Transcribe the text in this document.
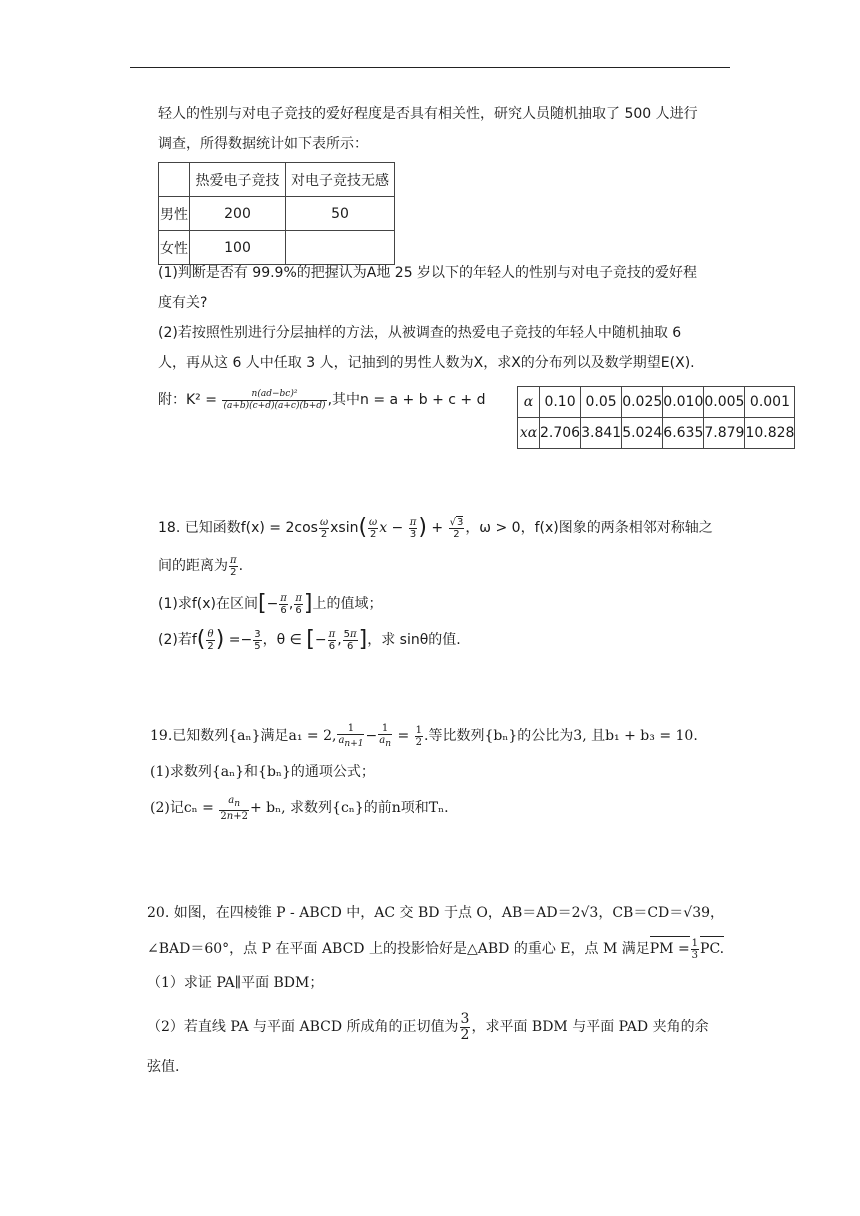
轻人的性别与对电子竞技的爱好程度是否具有相关性，研究人员随机抽取了 500 人进行
调查，所得数据统计如下表所示：
	热爱电子竞技	对电子竞技无感
男性	200	50
女性	100	
(1)判断是否有 99.9%的把握认为A地 25 岁以下的年轻人的性别与对电子竞技的爱好程
度有关?
(2)若按照性别进行分层抽样的方法，从被调查的热爱电子竞技的年轻人中随机抽取 6
人，再从这 6 人中任取 3 人，记抽到的男性人数为X，求X的分布列以及数学期望E(X).
附：$K^2 = \frac{\text{n(ad−bc)²}}{(a+b)(c+d)(a+c)(b+d)}$ ,其中n = a + b + c + d	α	0.10	0.05	0.025	0.010	0.005	0.001
xα	2.706	3.841	5.024	6.635	7.879	10.828
18. 已知函数$f(x) = 2\cos \frac{\omega}{2} xsin( \frac{\omega}{2}$ $x - \frac{\pi}{3}$ ) + $\frac{√3}{2}$ ，ω > 0，f(x)图象的两条相邻对称轴之
间的距离为 $\frac{\pi}{2}$ .
(1)求f(x)在区间[− $\frac{\pi}{6}$ , $\frac{\pi}{6}$ ]上的值域；
(2)若$f( \frac{\theta}{2}$ ) =− $\frac{3}{5}$ ，θ ∈ [− $\frac{\pi}{6}$ , $\frac{5\pi}{6}$ ]，求 sinθ的值.
19.已知数列{aₙ}满足a₁ = 2, $\frac{1}{an+1} - \frac{1}{an} = \frac{1}{2}$ .等比数列{bₙ}的公比为3, 且b₁ + b₃ = 10.
(1)求数列{aₙ}和{bₙ}的通项公式；
(2)记$c_n = \frac{an}{2n+2} + b_n$, 求数列{cₙ}的前n项和Tₙ.
20. 如图，在四棱锥 P - ABCD 中，AC 交 BD 于点 O，AB＝AD＝2√3，CB＝CD＝√39，
∠BAD＝60°，点 P 在平面 ABCD 上的投影恰好是△ABD 的重心 E，点 M 满足PM = $\frac{1}{3}$ PC.
（1）求证 PA∥平面 BDM；
（2）若直线 PA 与平面 ABCD 所成角的正切值为 $\frac{3}{2}$ ，求平面 BDM 与平面 PAD 夹角的余
弦值.
